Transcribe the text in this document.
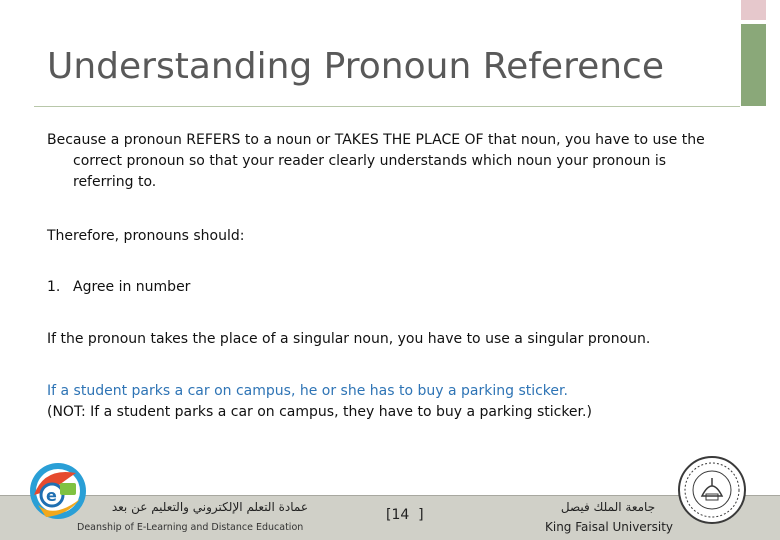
Understanding Pronoun Reference
Because a pronoun REFERS to a noun or TAKES THE PLACE OF that noun, you have to use the
correct pronoun so that your reader clearly understands which noun your pronoun is
referring to.
Therefore, pronouns should:
1. Agree in number
If the pronoun takes the place of a singular noun, you have to use a singular pronoun.
If a student parks a car on campus, he or she has to buy a parking sticker.
(NOT: If a student parks a car on campus, they have to buy a parking sticker.)
e
عمادة التعلم الإلكتروني والتعليم عن بعد
Deanship of E-Learning and Distance Education
[14  ]	جامعة الملك فيصل
King Faisal University
